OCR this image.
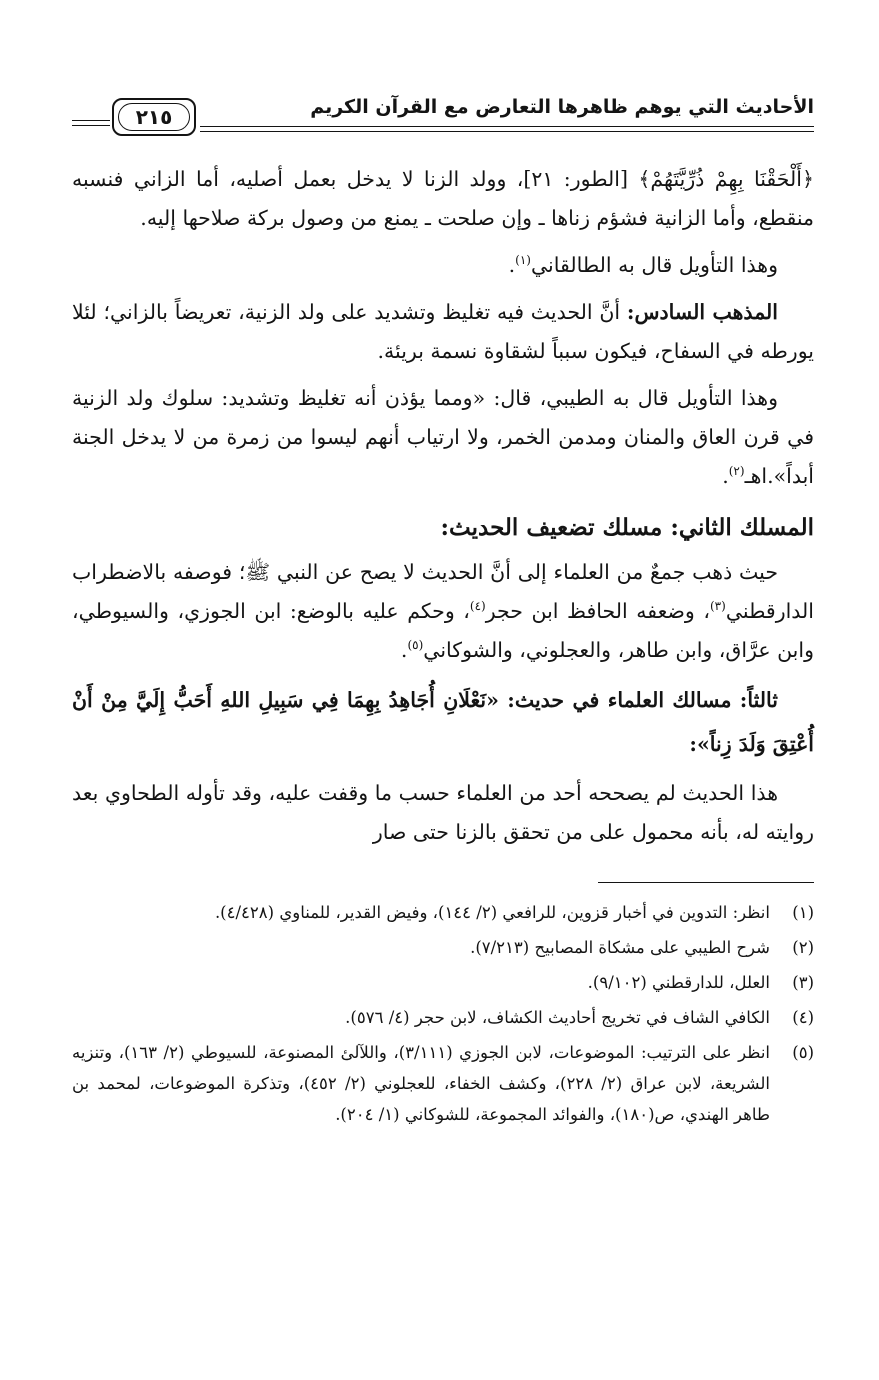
الأحاديث التي يوهم ظاهرها التعارض مع القرآن الكريم
٢١٥

﴿أَلْحَقْنَا بِهِمْ ذُرِّيَّتَهُمْ﴾ [الطور: ٢١]، وولد الزنا لا يدخل بعمل أصليه، أما الزاني فنسبه منقطع، وأما الزانية فشؤم زناها ـ وإن صلحت ـ يمنع من وصول بركة صلاحها إليه.

وهذا التأويل قال به الطالقاني$^{(١)}$.

المذهب السادس: أنَّ الحديث فيه تغليظ وتشديد على ولد الزنية، تعريضاً بالزاني؛ لئلا يورطه في السفاح، فيكون سبباً لشقاوة نسمة بريئة.

وهذا التأويل قال به الطيبي، قال: «ومما يؤذن أنه تغليظ وتشديد: سلوك ولد الزنية في قرن العاق والمنان ومدمن الخمر، ولا ارتياب أنهم ليسوا من زمرة من لا يدخل الجنة أبداً».اهـ$^{(٢)}$.

المسلك الثاني: مسلك تضعيف الحديث:

حيث ذهب جمعٌ من العلماء إلى أنَّ الحديث لا يصح عن النبي ﷺ؛ فوصفه بالاضطراب الدارقطني$^{(٣)}$، وضعفه الحافظ ابن حجر$^{(٤)}$، وحكم عليه بالوضع: ابن الجوزي، والسيوطي، وابن عرَّاق، وابن طاهر، والعجلوني، والشوكاني$^{(٥)}$.

ثالثاً: مسالك العلماء في حديث: «نَعْلَانِ أُجَاهِدُ بِهِمَا فِي سَبِيلِ اللهِ أَحَبُّ إِلَيَّ مِنْ أَنْ أُعْتِقَ وَلَدَ زِناً»:

هذا الحديث لم يصححه أحد من العلماء حسب ما وقفت عليه، وقد تأوله الطحاوي بعد روايته له، بأنه محمول على من تحقق بالزنا حتى صار

(١)
انظر: التدوين في أخبار قزوين، للرافعي (٢/ ١٤٤)، وفيض القدير، للمناوي (٤/٤٢٨).
(٢)
شرح الطيبي على مشكاة المصابيح (٧/٢١٣).
(٣)
العلل، للدارقطني (٩/١٠٢).
(٤)
الكافي الشاف في تخريج أحاديث الكشاف، لابن حجر (٤/ ٥٧٦).
(٥)
انظر على الترتيب: الموضوعات، لابن الجوزي (٣/١١١)، واللآلئ المصنوعة، للسيوطي (٢/ ١٦٣)، وتنزيه الشريعة، لابن عراق (٢/ ٢٢٨)، وكشف الخفاء، للعجلوني (٢/ ٤٥٢)، وتذكرة الموضوعات، لمحمد بن طاهر الهندي، ص(١٨٠)، والفوائد المجموعة، للشوكاني (١/ ٢٠٤).
